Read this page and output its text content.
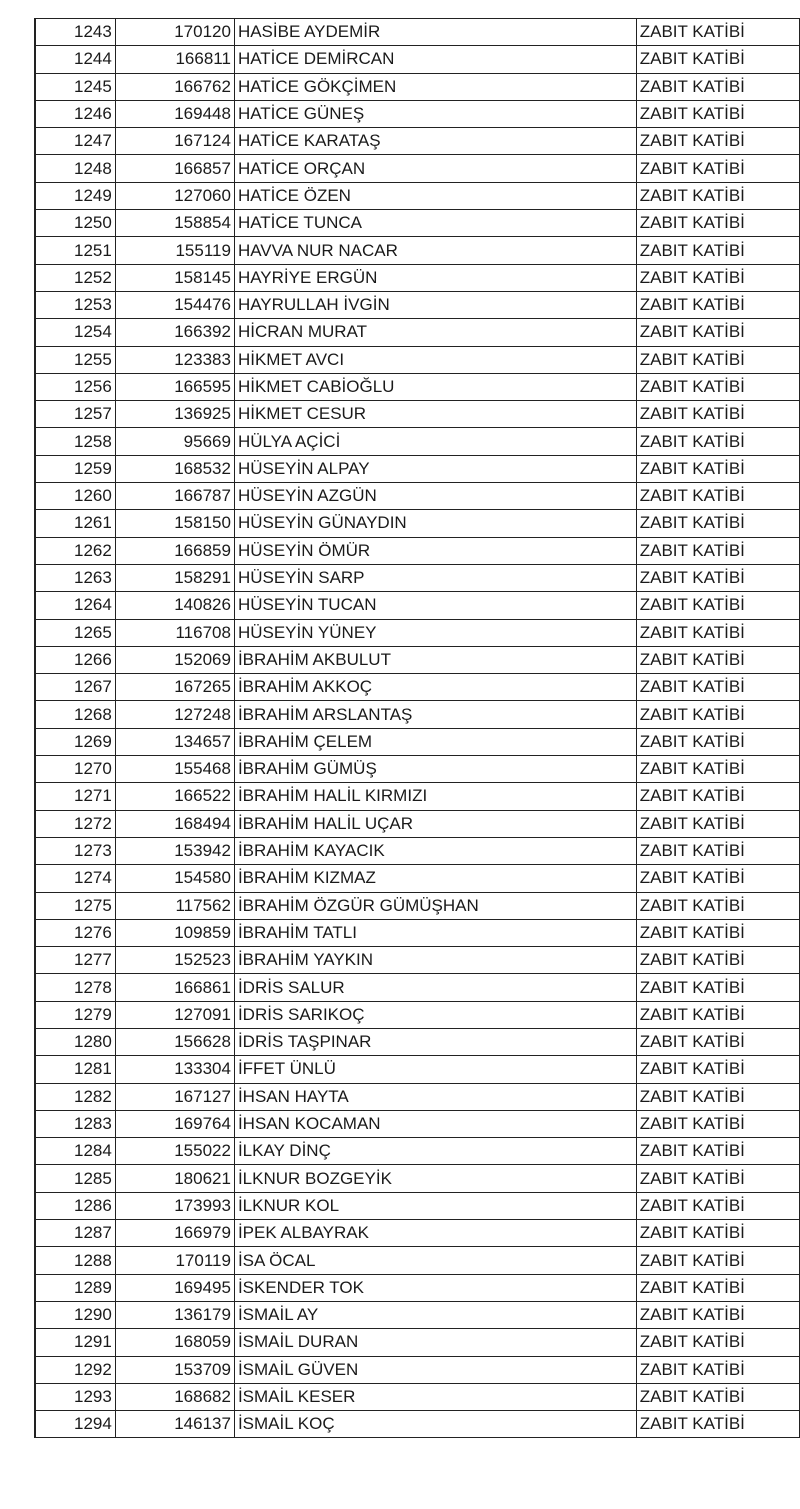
1243	170120	HASİBE AYDEMİR	ZABIT KATİBİ
1244	166811	HATİCE DEMİRCAN	ZABIT KATİBİ
1245	166762	HATİCE GÖKÇİMEN	ZABIT KATİBİ
1246	169448	HATİCE GÜNEŞ	ZABIT KATİBİ
1247	167124	HATİCE KARATAŞ	ZABIT KATİBİ
1248	166857	HATİCE ORÇAN	ZABIT KATİBİ
1249	127060	HATİCE ÖZEN	ZABIT KATİBİ
1250	158854	HATİCE TUNCA	ZABIT KATİBİ
1251	155119	HAVVA NUR NACAR	ZABIT KATİBİ
1252	158145	HAYRİYE ERGÜN	ZABIT KATİBİ
1253	154476	HAYRULLAH İVGİN	ZABIT KATİBİ
1254	166392	HİCRAN MURAT	ZABIT KATİBİ
1255	123383	HİKMET AVCI	ZABIT KATİBİ
1256	166595	HİKMET CABİOĞLU	ZABIT KATİBİ
1257	136925	HİKMET CESUR	ZABIT KATİBİ
1258	95669	HÜLYA AÇİCİ	ZABIT KATİBİ
1259	168532	HÜSEYİN ALPAY	ZABIT KATİBİ
1260	166787	HÜSEYİN AZGÜN	ZABIT KATİBİ
1261	158150	HÜSEYİN GÜNAYDIN	ZABIT KATİBİ
1262	166859	HÜSEYİN ÖMÜR	ZABIT KATİBİ
1263	158291	HÜSEYİN SARP	ZABIT KATİBİ
1264	140826	HÜSEYİN TUCAN	ZABIT KATİBİ
1265	116708	HÜSEYİN YÜNEY	ZABIT KATİBİ
1266	152069	İBRAHİM AKBULUT	ZABIT KATİBİ
1267	167265	İBRAHİM AKKOÇ	ZABIT KATİBİ
1268	127248	İBRAHİM ARSLANTAŞ	ZABIT KATİBİ
1269	134657	İBRAHİM ÇELEM	ZABIT KATİBİ
1270	155468	İBRAHİM GÜMÜŞ	ZABIT KATİBİ
1271	166522	İBRAHİM HALİL KIRMIZI	ZABIT KATİBİ
1272	168494	İBRAHİM HALİL UÇAR	ZABIT KATİBİ
1273	153942	İBRAHİM KAYACIK	ZABIT KATİBİ
1274	154580	İBRAHİM KIZMAZ	ZABIT KATİBİ
1275	117562	İBRAHİM ÖZGÜR GÜMÜŞHAN	ZABIT KATİBİ
1276	109859	İBRAHİM TATLI	ZABIT KATİBİ
1277	152523	İBRAHİM YAYKIN	ZABIT KATİBİ
1278	166861	İDRİS SALUR	ZABIT KATİBİ
1279	127091	İDRİS SARIKOÇ	ZABIT KATİBİ
1280	156628	İDRİS TAŞPINAR	ZABIT KATİBİ
1281	133304	İFFET ÜNLÜ	ZABIT KATİBİ
1282	167127	İHSAN HAYTA	ZABIT KATİBİ
1283	169764	İHSAN KOCAMAN	ZABIT KATİBİ
1284	155022	İLKAY DİNÇ	ZABIT KATİBİ
1285	180621	İLKNUR BOZGEYİK	ZABIT KATİBİ
1286	173993	İLKNUR KOL	ZABIT KATİBİ
1287	166979	İPEK ALBAYRAK	ZABIT KATİBİ
1288	170119	İSA ÖCAL	ZABIT KATİBİ
1289	169495	İSKENDER TOK	ZABIT KATİBİ
1290	136179	İSMAİL AY	ZABIT KATİBİ
1291	168059	İSMAİL DURAN	ZABIT KATİBİ
1292	153709	İSMAİL GÜVEN	ZABIT KATİBİ
1293	168682	İSMAİL KESER	ZABIT KATİBİ
1294	146137	İSMAİL KOÇ	ZABIT KATİBİ
